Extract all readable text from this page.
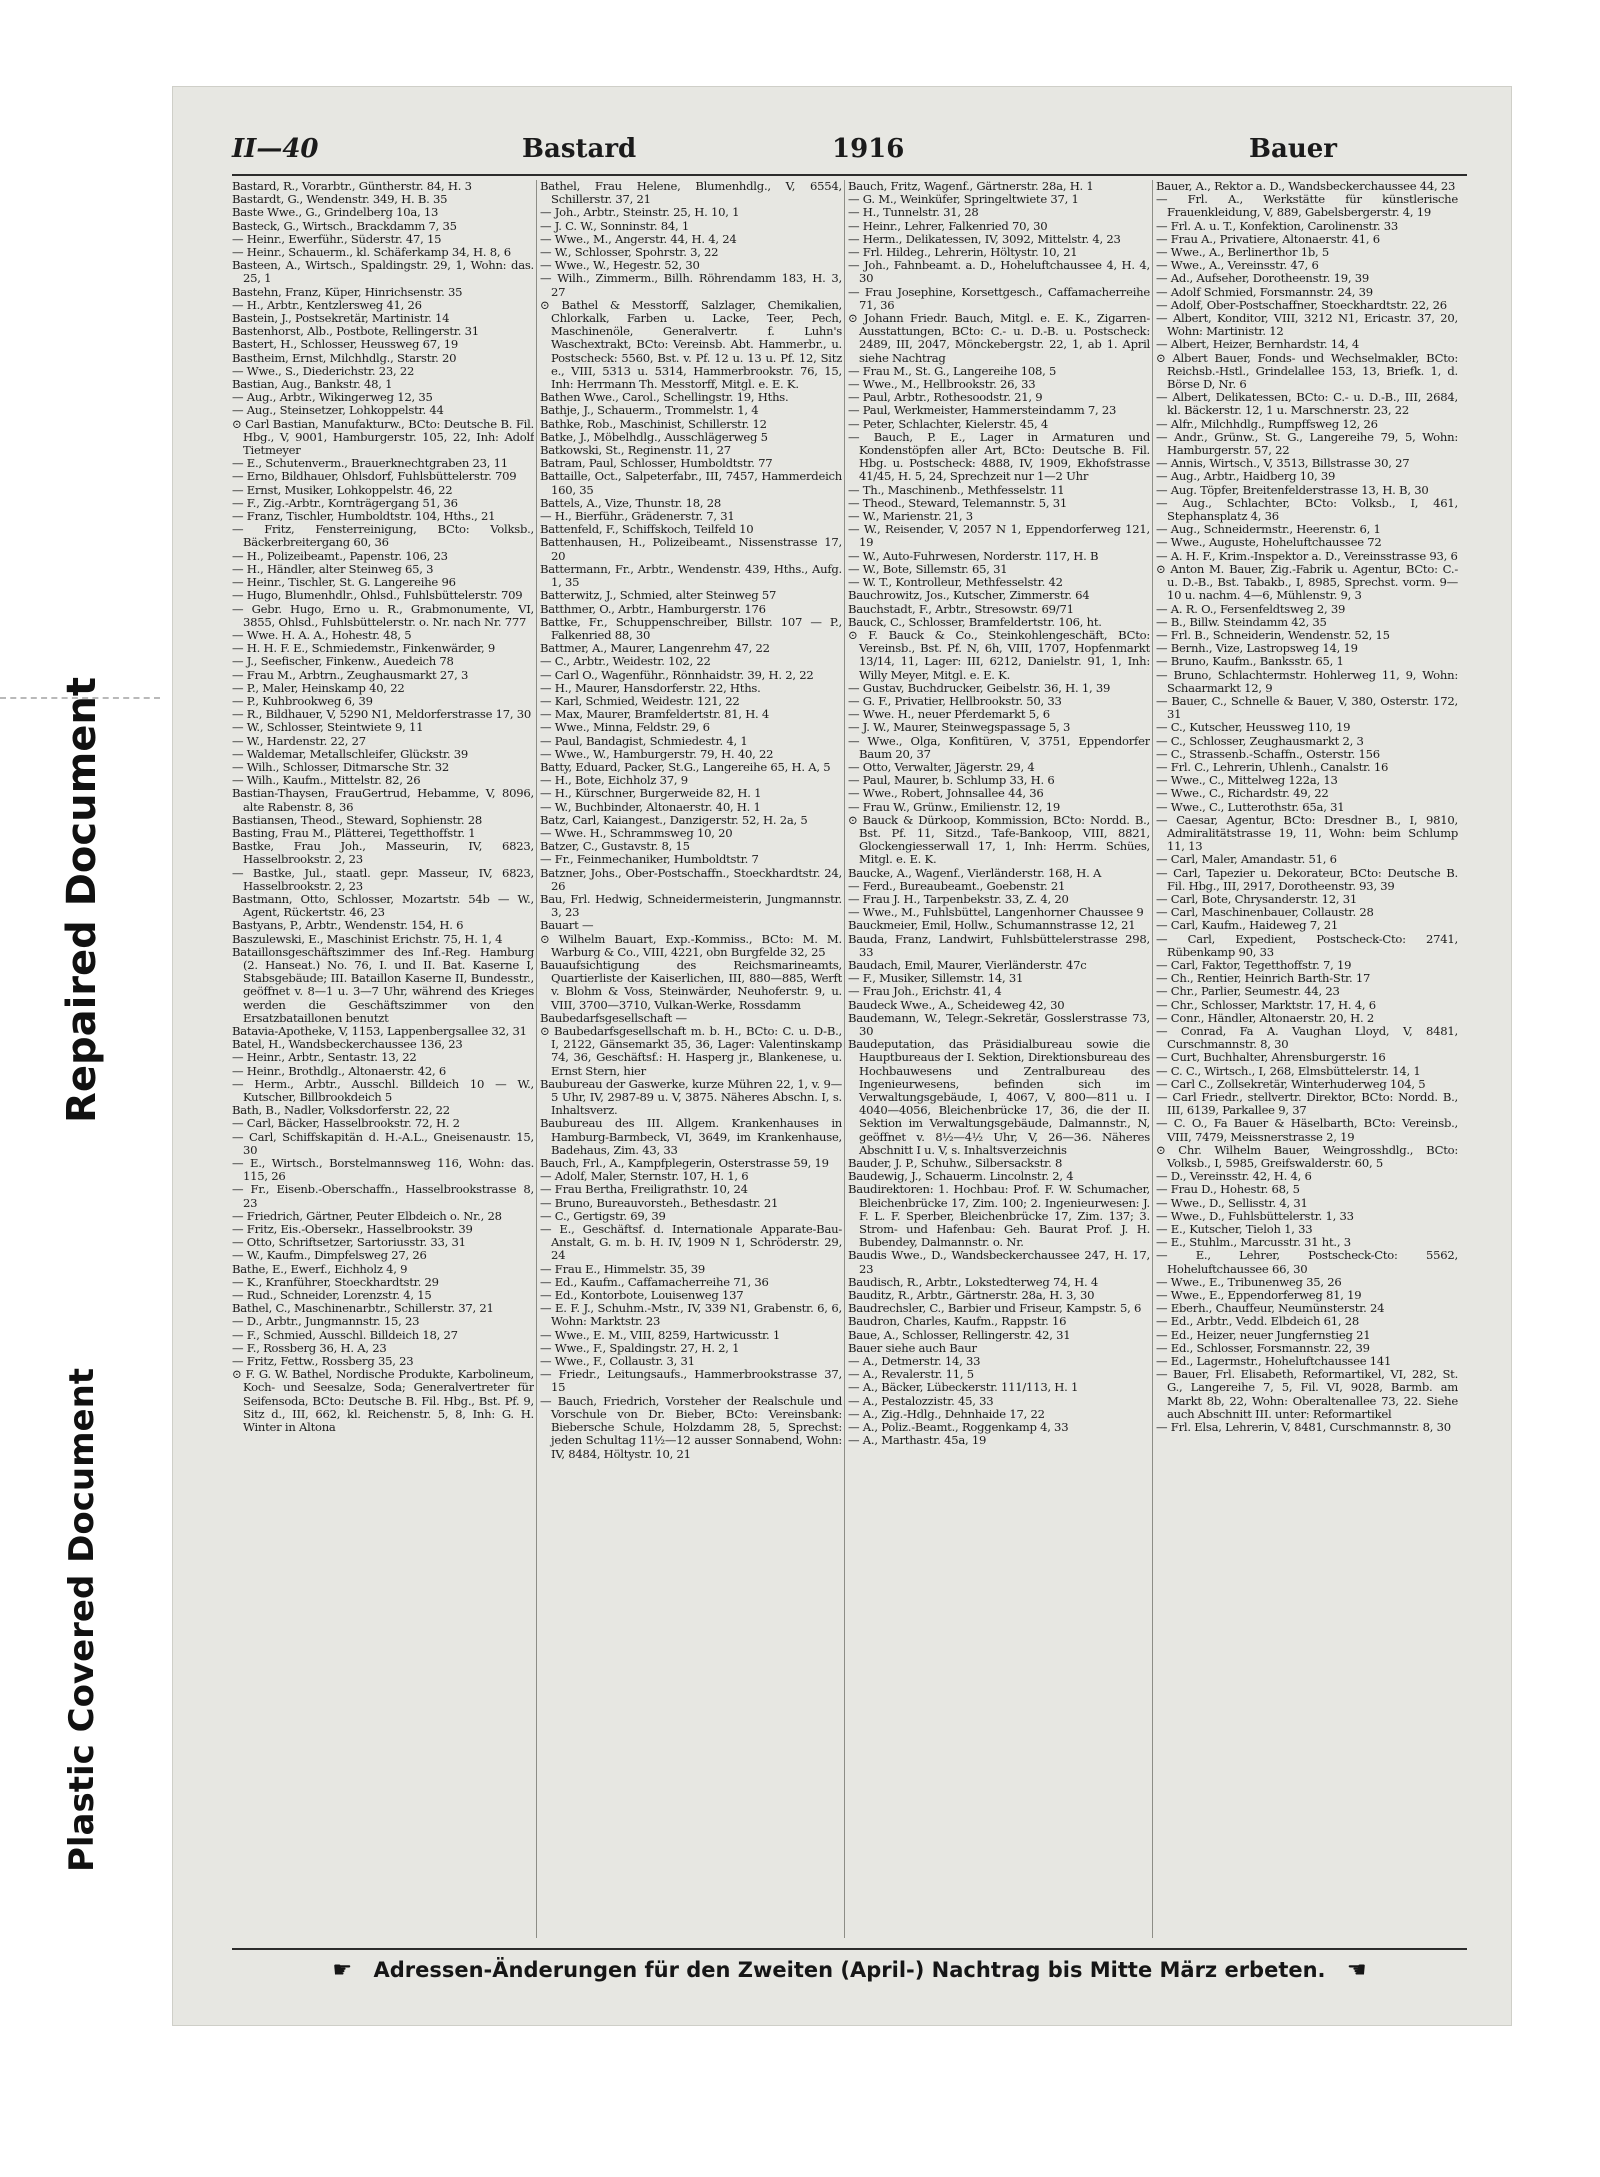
Repaired Document
Plastic Covered Document
II—40	Bastard	1916	Bauer

Bastard, R., Vorarbtr., Güntherstr. 84, H. 3

Bastardt, G., Wendenstr. 349, H. B. 35

Baste Wwe., G., Grindelberg 10a, 13

Basteck, G., Wirtsch., Brackdamm 7, 35

— Heinr., Ewerführ., Süderstr. 47, 15

— Heinr., Schauerm., kl. Schäferkamp 34, H. 8, 6

Basteen, A., Wirtsch., Spaldingstr. 29, 1, Wohn: das. 25, 1

Bastehn, Franz, Küper, Hinrichsenstr. 35

— H., Arbtr., Kentzlersweg 41, 26

Bastein, J., Postsekretär, Martinistr. 14

Bastenhorst, Alb., Postbote, Rellingerstr. 31

Bastert, H., Schlosser, Heussweg 67, 19

Bastheim, Ernst, Milchhdlg., Starstr. 20

— Wwe., S., Diederichstr. 23, 22

Bastian, Aug., Bankstr. 48, 1

— Aug., Arbtr., Wikingerweg 12, 35

— Aug., Steinsetzer, Lohkoppelstr. 44

⊙ Carl Bastian, Manufakturw., BCto: Deutsche B. Fil. Hbg., V, 9001, Hamburgerstr. 105, 22, Inh: Adolf Tietmeyer

— E., Schutenverm., Brauerknechtgraben 23, 11

— Erno, Bildhauer, Ohlsdorf, Fuhlsbüttelerstr. 709

— Ernst, Musiker, Lohkoppelstr. 46, 22

— F., Zig.-Arbtr., Kornträgergang 51, 36

— Franz, Tischler, Humboldtstr. 104, Hths., 21

— Fritz, Fensterreinigung, BCto: Volksb., Bäckerbreitergang 60, 36

— H., Polizeibeamt., Papenstr. 106, 23

— H., Händler, alter Steinweg 65, 3

— Heinr., Tischler, St. G. Langereihe 96

— Hugo, Blumenhdlr., Ohlsd., Fuhlsbüttelerstr. 709

— Gebr. Hugo, Erno u. R., Grabmonumente, VI, 3855, Ohlsd., Fuhlsbüttelerstr. o. Nr. nach Nr. 777

— Wwe. H. A. A., Hohestr. 48, 5

— H. H. F. E., Schmiedemstr., Finkenwärder, 9

— J., Seefischer, Finkenw., Auedeich 78

— Frau M., Arbtrn., Zeughausmarkt 27, 3

— P., Maler, Heinskamp 40, 22

— P., Kuhbrookweg 6, 39

— R., Bildhauer, V, 5290 N1, Meldorferstrasse 17, 30

— W., Schlosser, Steintwiete 9, 11

— W., Hardenstr. 22, 27

— Waldemar, Metallschleifer, Glückstr. 39

— Wilh., Schlosser, Ditmarsche Str. 32

— Wilh., Kaufm., Mittelstr. 82, 26

Bastian-Thaysen, FrauGertrud, Hebamme, V, 8096, alte Rabenstr. 8, 36

Bastiansen, Theod., Steward, Sophienstr. 28

Basting, Frau M., Plätterei, Tegetthoffstr. 1

Bastke, Frau Joh., Masseurin, IV, 6823, Hasselbrookstr. 2, 23

— Bastke, Jul., staatl. gepr. Masseur, IV, 6823, Hasselbrookstr. 2, 23

Bastmann, Otto, Schlosser, Mozartstr. 54b — W., Agent, Rückertstr. 46, 23

Bastyans, P., Arbtr., Wendenstr. 154, H. 6

Baszulewski, E., Maschinist Erichstr. 75, H. 1, 4

Bataillonsgeschäftszimmer des Inf.-Reg. Hamburg (2. Hanseat.) No. 76, I. und II. Bat. Kaserne I, Stabsgebäude; III. Bataillon Kaserne II, Bundesstr., geöffnet v. 8—1 u. 3—7 Uhr, während des Krieges werden die Geschäftszimmer von den Ersatzbataillonen benutzt

Batavia-Apotheke, V, 1153, Lappenbergsallee 32, 31

Batel, H., Wandsbeckerchaussee 136, 23

— Heinr., Arbtr., Sentastr. 13, 22

— Heinr., Brothdlg., Altonaerstr. 42, 6

— Herm., Arbtr., Ausschl. Billdeich 10 — W., Kutscher, Billbrookdeich 5

Bath, B., Nadler, Volksdorferstr. 22, 22

— Carl, Bäcker, Hasselbrookstr. 72, H. 2

— Carl, Schiffskapitän d. H.-A.L., Gneisenaustr. 15, 30

— E., Wirtsch., Borstelmannsweg 116, Wohn: das. 115, 26

— Fr., Eisenb.-Oberschaffn., Hasselbrookstrasse 8, 23

— Friedrich, Gärtner, Peuter Elbdeich o. Nr., 28

— Fritz, Eis.-Obersekr., Hasselbrookstr. 39

— Otto, Schriftsetzer, Sartoriusstr. 33, 31

— W., Kaufm., Dimpfelsweg 27, 26

Bathe, E., Ewerf., Eichholz 4, 9

— K., Kranführer, Stoeckhardtstr. 29

— Rud., Schneider, Lorenzstr. 4, 15

Bathel, C., Maschinenarbtr., Schillerstr. 37, 21

— D., Arbtr., Jungmannstr. 15, 23

— F., Schmied, Ausschl. Billdeich 18, 27

— F., Rossberg 36, H. A, 23

— Fritz, Fettw., Rossberg 35, 23

⊙ F. G. W. Bathel, Nordische Produkte, Karbolineum, Koch- und Seesalze, Soda; Generalvertreter für Seifensoda, BCto: Deutsche B. Fil. Hbg., Bst. Pf. 9, Sitz d., III, 662, kl. Reichenstr. 5, 8, Inh: G. H. Winter in Altona

Bathel, Frau Helene, Blumenhdlg., V, 6554, Schillerstr. 37, 21

— Joh., Arbtr., Steinstr. 25, H. 10, 1

— J. C. W., Sonninstr. 84, 1

— Wwe., M., Angerstr. 44, H. 4, 24

— W., Schlosser, Spohrstr. 3, 22

— Wwe., W., Hegestr. 52, 30

— Wilh., Zimmerm., Billh. Röhrendamm 183, H. 3, 27

⊙ Bathel & Messtorff, Salzlager, Chemikalien, Chlorkalk, Farben u. Lacke, Teer, Pech, Maschinenöle, Generalvertr. f. Luhn's Waschextrakt, BCto: Vereinsb. Abt. Hammerbr., u. Postscheck: 5560, Bst. v. Pf. 12 u. 13 u. Pf. 12, Sitz e., VIII, 5313 u. 5314, Hammerbrookstr. 76, 15, Inh: Herrmann Th. Messtorff, Mitgl. e. E. K.

Bathen Wwe., Carol., Schellingstr. 19, Hths.

Bathje, J., Schauerm., Trommelstr. 1, 4

Bathke, Rob., Maschinist, Schillerstr. 12

Batke, J., Möbelhdlg., Ausschlägerweg 5

Batkowski, St., Reginenstr. 11, 27

Batram, Paul, Schlosser, Humboldtstr. 77

Battaille, Oct., Salpeterfabr., III, 7457, Hammerdeich 160, 35

Battels, A., Vize, Thunstr. 18, 28

— H., Bierführ., Grädenerstr. 7, 31

Battenfeld, F., Schiffskoch, Teilfeld 10

Battenhausen, H., Polizeibeamt., Nissenstrasse 17, 20

Battermann, Fr., Arbtr., Wendenstr. 439, Hths., Aufg. 1, 35

Batterwitz, J., Schmied, alter Steinweg 57

Batthmer, O., Arbtr., Hamburgerstr. 176

Battke, Fr., Schuppenschreiber, Billstr. 107 — P., Falkenried 88, 30

Battmer, A., Maurer, Langenrehm 47, 22

— C., Arbtr., Weidestr. 102, 22

— Carl O., Wagenführ., Rönnhaidstr. 39, H. 2, 22

— H., Maurer, Hansdorferstr. 22, Hths.

— Karl, Schmied, Weidestr. 121, 22

— Max, Maurer, Bramfeldertstr. 81, H. 4

— Wwe., Minna, Feldstr. 29, 6

— Paul, Bandagist, Schmiedestr. 4, 1

— Wwe., W., Hamburgerstr. 79, H. 40, 22

Batty, Eduard, Packer, St.G., Langereihe 65, H. A, 5

— H., Bote, Eichholz 37, 9

— H., Kürschner, Burgerweide 82, H. 1

— W., Buchbinder, Altonaerstr. 40, H. 1

Batz, Carl, Kaiangest., Danzigerstr. 52, H. 2a, 5

— Wwe. H., Schrammsweg 10, 20

Batzer, C., Gustavstr. 8, 15

— Fr., Feinmechaniker, Humboldtstr. 7

Batzner, Johs., Ober-Postschaffn., Stoeckhardtstr. 24, 26

Bau, Frl. Hedwig, Schneidermeisterin, Jungmannstr. 3, 23

Bauart —

⊙ Wilhelm Bauart, Exp.-Kommiss., BCto: M. M. Warburg & Co., VIII, 4221, obn Burgfelde 32, 25

Bauaufsichtigung des Reichsmarineamts, Quartierliste der Kaiserlichen, III, 880—885, Werft v. Blohm & Voss, Steinwärder, Neuhoferstr. 9, u. VIII, 3700—3710, Vulkan-Werke, Rossdamm

Baubedarfsgesellschaft —

⊙ Baubedarfsgesellschaft m. b. H., BCto: C. u. D-B., I, 2122, Gänsemarkt 35, 36, Lager: Valentinskamp 74, 36, Geschäftsf.: H. Hasperg jr., Blankenese, u. Ernst Stern, hier

Baubureau der Gaswerke, kurze Mühren 22, 1, v. 9—5 Uhr, IV, 2987-89 u. V, 3875. Näheres Abschn. I, s. Inhaltsverz.

Baubureau des III. Allgem. Krankenhauses in Hamburg-Barmbeck, VI, 3649, im Krankenhause, Badehaus, Zim. 43, 33

Bauch, Frl., A., Kampfplegerin, Osterstrasse 59, 19

— Adolf, Maler, Sternstr. 107, H. 1, 6

— Frau Bertha, Freiligrathstr. 10, 24

— Bruno, Bureauvorsteh., Bethesdastr. 21

— C., Gertigstr. 69, 39

— E., Geschäftsf. d. Internationale Apparate-Bau-Anstalt, G. m. b. H. IV, 1909 N 1, Schröderstr. 29, 24

— Frau E., Himmelstr. 35, 39

— Ed., Kaufm., Caffamacherreihe 71, 36

— Ed., Kontorbote, Louisenweg 137

— E. F. J., Schuhm.-Mstr., IV, 339 N1, Grabenstr. 6, 6, Wohn: Marktstr. 23

— Wwe., E. M., VIII, 8259, Hartwicusstr. 1

— Wwe., F., Spaldingstr. 27, H. 2, 1

— Wwe., F., Collaustr. 3, 31

— Friedr., Leitungsaufs., Hammerbrookstrasse 37, 15

— Bauch, Friedrich, Vorsteher der Realschule und Vorschule von Dr. Bieber, BCto: Vereinsbank: Biebersche Schule, Holzdamm 28, 5, Sprechst: jeden Schultag 11½—12 ausser Sonnabend, Wohn: IV, 8484, Höltystr. 10, 21

Bauch, Fritz, Wagenf., Gärtnerstr. 28a, H. 1

— G. M., Weinküfer, Springeltwiete 37, 1

— H., Tunnelstr. 31, 28

— Heinr., Lehrer, Falkenried 70, 30

— Herm., Delikatessen, IV, 3092, Mittelstr. 4, 23

— Frl. Hildeg., Lehrerin, Höltystr. 10, 21

— Joh., Fahnbeamt. a. D., Hoheluftchaussee 4, H. 4, 30

— Frau Josephine, Korsettgesch., Caffamacherreihe 71, 36

⊙ Johann Friedr. Bauch, Mitgl. e. E. K., Zigarren-Ausstattungen, BCto: C.- u. D.-B. u. Postscheck: 2489, III, 2047, Mönckebergstr. 22, 1, ab 1. April siehe Nachtrag

— Frau M., St. G., Langereihe 108, 5

— Wwe., M., Hellbrookstr. 26, 33

— Paul, Arbtr., Rothesoodstr. 21, 9

— Paul, Werkmeister, Hammersteindamm 7, 23

— Peter, Schlachter, Kielerstr. 45, 4

— Bauch, P. E., Lager in Armaturen und Kondenstöpfen aller Art, BCto: Deutsche B. Fil. Hbg. u. Postscheck: 4888, IV, 1909, Ekhofstrasse 41/45, H. 5, 24, Sprechzeit nur 1—2 Uhr

— Th., Maschinenb., Methfesselstr. 11

— Theod., Steward, Telemannstr. 5, 31

— W., Marienstr. 21, 3

— W., Reisender, V, 2057 N 1, Eppendorferweg 121, 19

— W., Auto-Fuhrwesen, Norderstr. 117, H. B

— W., Bote, Sillemstr. 65, 31

— W. T., Kontrolleur, Methfesselstr. 42

Bauchrowitz, Jos., Kutscher, Zimmerstr. 64

Bauchstadt, F., Arbtr., Stresowstr. 69/71

Bauck, C., Schlosser, Bramfeldertstr. 106, ht.

⊙ F. Bauck & Co., Steinkohlengeschäft, BCto: Vereinsb., Bst. Pf. N, 6h, VIII, 1707, Hopfenmarkt 13/14, 11, Lager: III, 6212, Danielstr. 91, 1, Inh: Willy Meyer, Mitgl. e. E. K.

— Gustav, Buchdrucker, Geibelstr. 36, H. 1, 39

— G. F., Privatier, Hellbrookstr. 50, 33

— Wwe. H., neuer Pferdemarkt 5, 6

— J. W., Maurer, Steinwegspassage 5, 3

— Wwe., Olga, Konfitüren, V, 3751, Eppendorfer Baum 20, 37

— Otto, Verwalter, Jägerstr. 29, 4

— Paul, Maurer, b. Schlump 33, H. 6

— Wwe., Robert, Johnsallee 44, 36

— Frau W., Grünw., Emilienstr. 12, 19

⊙ Bauck & Dürkoop, Kommission, BCto: Nordd. B., Bst. Pf. 11, Sitzd., Tafe-Bankoop, VIII, 8821, Glockengiesserwall 17, 1, Inh: Herrm. Schües, Mitgl. e. E. K.

Baucke, A., Wagenf., Vierländerstr. 168, H. A

— Ferd., Bureaubeamt., Goebenstr. 21

— Frau J. H., Tarpenbekstr. 33, Z. 4, 20

— Wwe., M., Fuhlsbüttel, Langenhorner Chaussee 9

Bauckmeier, Emil, Hollw., Schumannstrasse 12, 21

Bauda, Franz, Landwirt, Fuhlsbüttelerstrasse 298, 33

Baudach, Emil, Maurer, Vierländerstr. 47c

— F., Musiker, Sillemstr. 14, 31

— Frau Joh., Erichstr. 41, 4

Baudeck Wwe., A., Scheideweg 42, 30

Baudemann, W., Telegr.-Sekretär, Gosslerstrasse 73, 30

Baudeputation, das Präsidialbureau sowie die Hauptbureaus der I. Sektion, Direktionsbureau des Hochbauwesens und Zentralbureau des Ingenieurwesens, befinden sich im Verwaltungsgebäude, I, 4067, V, 800—811 u. I 4040—4056, Bleichenbrücke 17, 36, die der II. Sektion im Verwaltungsgebäude, Dalmannstr., N, geöffnet v. 8½—4½ Uhr, V, 26—36. Näheres Abschnitt I u. V, s. Inhaltsverzeichnis

Bauder, J. P., Schuhw., Silbersackstr. 8

Baudewig, J., Schauerm. Lincolnstr. 2, 4

Baudirektoren: 1. Hochbau: Prof. F. W. Schumacher, Bleichenbrücke 17, Zim. 100; 2. Ingenieurwesen: J. F. L. F. Sperber, Bleichenbrücke 17, Zim. 137; 3. Strom- und Hafenbau: Geh. Baurat Prof. J. H. Bubendey, Dalmannstr. o. Nr.

Baudis Wwe., D., Wandsbeckerchaussee 247, H. 17, 23

Baudisch, R., Arbtr., Lokstedterweg 74, H. 4

Bauditz, R., Arbtr., Gärtnerstr. 28a, H. 3, 30

Baudrechsler, C., Barbier und Friseur, Kampstr. 5, 6

Baudron, Charles, Kaufm., Rappstr. 16

Baue, A., Schlosser, Rellingerstr. 42, 31

Bauer siehe auch Baur

— A., Detmerstr. 14, 33

— A., Revalerstr. 11, 5

— A., Bäcker, Lübeckerstr. 111/113, H. 1

— A., Pestalozzistr. 45, 33

— A., Zig.-Hdlg., Dehnhaide 17, 22

— A., Poliz.-Beamt., Roggenkamp 4, 33

— A., Marthastr. 45a, 19

Bauer, A., Rektor a. D., Wandsbeckerchaussee 44, 23

— Frl. A., Werkstätte für künstlerische Frauenkleidung, V, 889, Gabelsbergerstr. 4, 19

— Frl. A. u. T., Konfektion, Carolinenstr. 33

— Frau A., Privatiere, Altonaerstr. 41, 6

— Wwe., A., Berlinerthor 1b, 5

— Wwe., A., Vereinsstr. 47, 6

— Ad., Aufseher, Dorotheenstr. 19, 39

— Adolf Schmied, Forsmannstr. 24, 39

— Adolf, Ober-Postschaffner, Stoeckhardtstr. 22, 26

— Albert, Konditor, VIII, 3212 N1, Ericastr. 37, 20, Wohn: Martinistr. 12

— Albert, Heizer, Bernhardstr. 14, 4

⊙ Albert Bauer, Fonds- und Wechselmakler, BCto: Reichsb.-Hstl., Grindelallee 153, 13, Briefk. 1, d. Börse D, Nr. 6

— Albert, Delikatessen, BCto: C.- u. D.-B., III, 2684, kl. Bäckerstr. 12, 1 u. Marschnerstr. 23, 22

— Alfr., Milchhdlg., Rumpffsweg 12, 26

— Andr., Grünw., St. G., Langereihe 79, 5, Wohn: Hamburgerstr. 57, 22

— Annis, Wirtsch., V, 3513, Billstrasse 30, 27

— Aug., Arbtr., Haidberg 10, 39

— Aug. Töpfer, Breitenfelderstrasse 13, H. B, 30

— Aug., Schlachter, BCto: Volksb., I, 461, Stephansplatz 4, 36

— Aug., Schneidermstr., Heerenstr. 6, 1

— Wwe., Auguste, Hoheluftchaussee 72

— A. H. F., Krim.-Inspektor a. D., Vereinsstrasse 93, 6

⊙ Anton M. Bauer, Zig.-Fabrik u. Agentur, BCto: C.- u. D.-B., Bst. Tabakb., I, 8985, Sprechst. vorm. 9—10 u. nachm. 4—6, Mühlenstr. 9, 3

— A. R. O., Fersenfeldtsweg 2, 39

— B., Billw. Steindamm 42, 35

— Frl. B., Schneiderin, Wendenstr. 52, 15

— Bernh., Vize, Lastropsweg 14, 19

— Bruno, Kaufm., Banksstr. 65, 1

— Bruno, Schlachtermstr. Hohlerweg 11, 9, Wohn: Schaarmarkt 12, 9

— Bauer, C., Schnelle & Bauer, V, 380, Osterstr. 172, 31

— C., Kutscher, Heussweg 110, 19

— C., Schlosser, Zeughausmarkt 2, 3

— C., Strassenb.-Schaffn., Osterstr. 156

— Frl. C., Lehrerin, Uhlenh., Canalstr. 16

— Wwe., C., Mittelweg 122a, 13

— Wwe., C., Richardstr. 49, 22

— Wwe., C., Lutterothstr. 65a, 31

— Caesar, Agentur, BCto: Dresdner B., I, 9810, Admiralitätstrasse 19, 11, Wohn: beim Schlump 11, 13

— Carl, Maler, Amandastr. 51, 6

— Carl, Tapezier u. Dekorateur, BCto: Deutsche B. Fil. Hbg., III, 2917, Dorotheenstr. 93, 39

— Carl, Bote, Chrysanderstr. 12, 31

— Carl, Maschinenbauer, Collaustr. 28

— Carl, Kaufm., Haideweg 7, 21

— Carl, Expedient, Postscheck-Cto: 2741, Rübenkamp 90, 33

— Carl, Faktor, Tegetthoffstr. 7, 19

— Ch., Rentier, Heinrich Barth-Str. 17

— Chr., Parlier, Seumestr. 44, 23

— Chr., Schlosser, Marktstr. 17, H. 4, 6

— Conr., Händler, Altonaerstr. 20, H. 2

— Conrad, Fa A. Vaughan Lloyd, V, 8481, Curschmannstr. 8, 30

— Curt, Buchhalter, Ahrensburgerstr. 16

— C. C., Wirtsch., I, 268, Elmsbüttelerstr. 14, 1

— Carl C., Zollsekretär, Winterhuderweg 104, 5

— Carl Friedr., stellvertr. Direktor, BCto: Nordd. B., III, 6139, Parkallee 9, 37

— C. O., Fa Bauer & Häselbarth, BCto: Vereinsb., VIII, 7479, Meissnerstrasse 2, 19

⊙ Chr. Wilhelm Bauer, Weingrosshdlg., BCto: Volksb., I, 5985, Greifswalderstr. 60, 5

— D., Vereinsstr. 42, H. 4, 6

— Frau D., Hohestr. 68, 5

— Wwe., D., Sellisstr. 4, 31

— Wwe., D., Fuhlsbüttelerstr. 1, 33

— E., Kutscher, Tieloh 1, 33

— E., Stuhlm., Marcusstr. 31 ht., 3

— E., Lehrer, Postscheck-Cto: 5562, Hoheluftchaussee 66, 30

— Wwe., E., Tribunenweg 35, 26

— Wwe., E., Eppendorferweg 81, 19

— Eberh., Chauffeur, Neumünsterstr. 24

— Ed., Arbtr., Vedd. Elbdeich 61, 28

— Ed., Heizer, neuer Jungfernstieg 21

— Ed., Schlosser, Forsmannstr. 22, 39

— Ed., Lagermstr., Hoheluftchaussee 141

— Bauer, Frl. Elisabeth, Reformartikel, VI, 282, St. G., Langereihe 7, 5, Fil. VI, 9028, Barmb. am Markt 8b, 22, Wohn: Oberaltenallee 73, 22. Siehe auch Abschnitt III. unter: Reformartikel

— Frl. Elsa, Lehrerin, V, 8481, Curschmannstr. 8, 30

☛ Adressen-Änderungen für den Zweiten (April-) Nachtrag bis Mitte März erbeten. ☚
